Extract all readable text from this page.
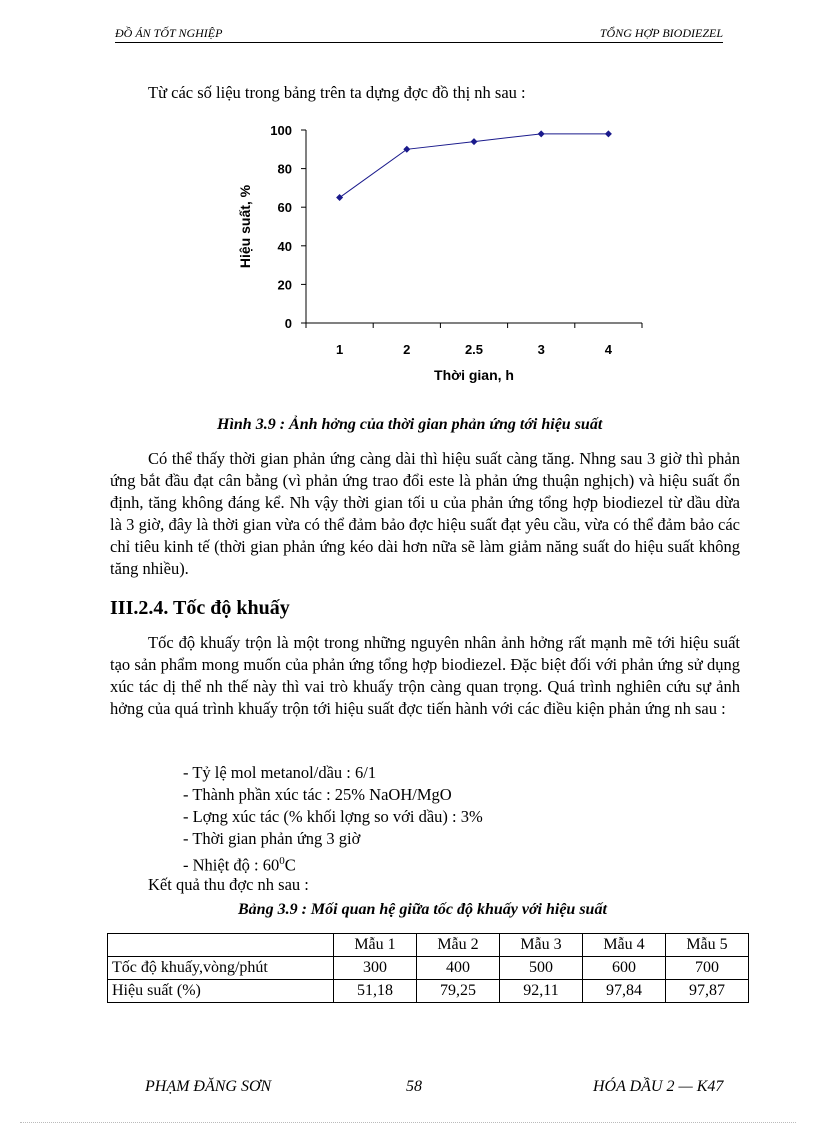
ĐỒ ÁN TỐT NGHIỆP	TỔNG HỢP BIODIEZEL
Từ các số liệu trong bảng trên ta dựng đợc đồ thị nh sau :
0
20
40
60
80
100
1	2	2.5	3	4
Thời gian, h
Hiệu suất, %
Hình 3.9 : Ảnh hởng của thời gian phản ứng tới hiệu suất
Có thể thấy thời gian phản ứng càng dài thì hiệu suất càng tăng. Nhng sau 3 giờ thì phản ứng bắt đầu đạt cân bằng (vì phản ứng trao đổi este là phản ứng thuận nghịch) và hiệu suất ổn định, tăng không đáng kể. Nh vậy thời gian tối u của phản ứng tổng hợp biodiezel từ dầu dừa là 3 giờ, đây là thời gian vừa có thể đảm bảo đợc hiệu suất đạt yêu cầu, vừa có thể đảm bảo các chỉ tiêu kinh tế (thời gian phản ứng kéo dài hơn nữa sẽ làm giảm năng suất do hiệu suất không tăng nhiều).
III.2.4. Tốc độ khuấy
Tốc độ khuấy trộn là một trong những nguyên nhân ảnh hởng rất mạnh mẽ tới hiệu suất tạo sản phẩm mong muốn của phản ứng tổng hợp biodiezel. Đặc biệt đối với phản ứng sử dụng xúc tác dị thể nh thế này thì vai trò khuấy trộn càng quan trọng. Quá trình nghiên cứu sự ảnh hởng của quá trình khuấy trộn tới hiệu suất đợc tiến hành với các điều kiện phản ứng nh sau :
- Tỷ lệ mol metanol/dầu : 6/1
- Thành phần xúc tác : 25% NaOH/MgO
- Lợng xúc tác (% khối lợng so với dầu) : 3%
- Thời gian phản ứng 3 giờ
- Nhiệt độ : $60^0C$
Kết quả thu đợc nh sau :
Bảng 3.9 : Mối quan hệ giữa tốc độ khuấy với hiệu suất
	Mẫu 1	Mẫu 2	Mẫu 3	Mẫu 4	Mẫu 5
Tốc độ khuấy,vòng/phút	300	400	500	600	700
Hiệu suất (%)	51,18	79,25	92,11	97,84	97,87
PHẠM ĐĂNG SƠN	58	HÓA DẦU 2 — K47
